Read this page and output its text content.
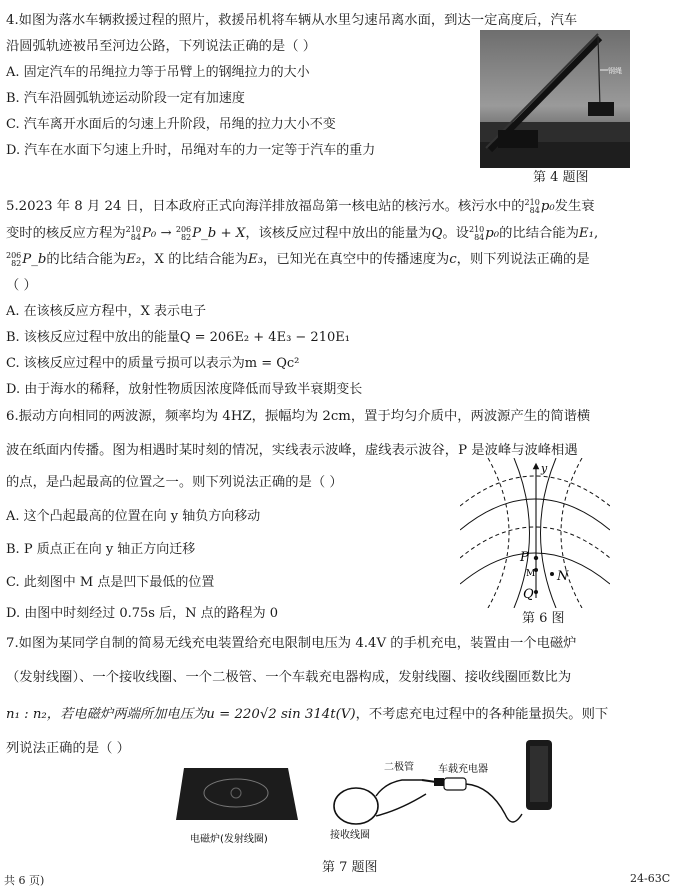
4.如图为落水车辆救援过程的照片，救援吊机将车辆从水里匀速吊离水面，到达一定高度后，汽车
沿圆弧轨迹被吊至河边公路，下列说法正确的是（ ）
A. 固定汽车的吊绳拉力等于吊臂上的钢绳拉力的大小
B. 汽车沿圆弧轨迹运动阶段一定有加速度
C. 汽车离开水面后的匀速上升阶段，吊绳的拉力大小不变
D. 汽车在水面下匀速上升时，吊绳对车的力一定等于汽车的重力
钢绳
第 4 题图
5.2023 年 8 月 24 日，日本政府正式向海洋排放福岛第一核电站的核污水。核污水中的 210
84 p₀发生衰
变时的核反应方程为 210
84 P₀ → 206
82 P_b + X，该核反应过程中放出的能量为Q。设 210
84 p₀的比结合能为E₁,
206
82 P_b的比结合能为E₂，X 的比结合能为E₃，已知光在真空中的传播速度为c，则下列说法正确的是
（ ）
A. 在该核反应方程中，X 表示电子
B. 该核反应过程中放出的能量Q = 206E₂ + 4E₃ − 210E₁
C. 该核反应过程中的质量亏损可以表示为m = Qc²
D. 由于海水的稀释，放射性物质因浓度降低而导致半衰期变长
6.振动方向相同的两波源，频率均为 4HZ，振幅均为 2cm，置于均匀介质中，两波源产生的简谐横
波在纸面内传播。图为相遇时某时刻的情况，实线表示波峰，虚线表示波谷，P 是波峰与波峰相遇
的点，是凸起最高的位置之一。则下列说法正确的是（ ）
A. 这个凸起最高的位置在向 y 轴负方向移动
B. P 质点正在向 y 轴正方向迁移
C. 此刻图中 M 点是凹下最低的位置
D. 由图中时刻经过 0.75s 后，N 点的路程为 0
y
P
M N
Q
第 6 图
7.如图为某同学自制的简易无线充电装置给充电限制电压为 4.4V 的手机充电，装置由一个电磁炉
（发射线圈）、一个接收线圈、一个二极管、一个车载充电器构成，发射线圈、接收线圈匝数比为
n₁ : n₂，若电磁炉两端所加电压为u = 220√2 sin 314t(V)，不考虑充电过程中的各种能量损失。则下
列说法正确的是（ ）
电磁炉(发射线圈)
二极管 车载充电器
接收线圈
第 7 题图
共 6 页)	24-63C
